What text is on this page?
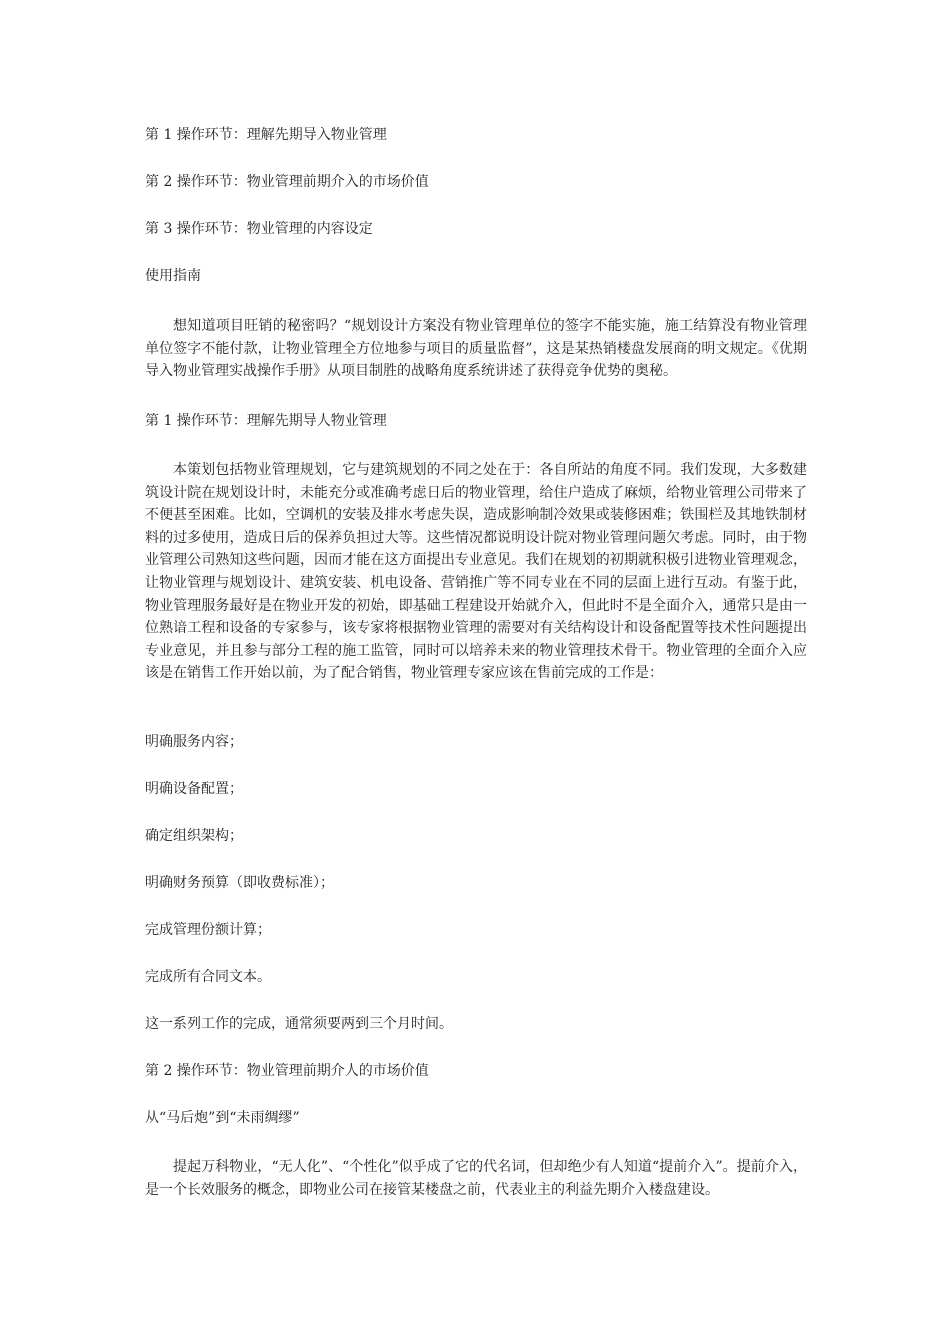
第 1 操作环节：理解先期导入物业管理
第 2 操作环节：物业管理前期介入的市场价值
第 3 操作环节：物业管理的内容设定
使用指南
想知道项目旺销的秘密吗？“规划设计方案没有物业管理单位的签字不能实施，施工结算没有物业管理单位签字不能付款，让物业管理全方位地参与项目的质量监督”，这是某热销楼盘发展商的明文规定。《优期导入物业管理实战操作手册》从项目制胜的战略角度系统讲述了获得竞争优势的奥秘。
第 1 操作环节：理解先期导人物业管理
本策划包括物业管理规划，它与建筑规划的不同之处在于：各自所站的角度不同。我们发现，大多数建筑设计院在规划设计时，未能充分或准确考虑日后的物业管理，给住户造成了麻烦，给物业管理公司带来了不便甚至困难。比如，空调机的安装及排水考虑失误，造成影响制冷效果或装修困难；铁围栏及其地铁制材料的过多使用，造成日后的保养负担过大等。这些情况都说明设计院对物业管理问题欠考虑。同时，由于物业管理公司熟知这些问题，因而才能在这方面提出专业意见。我们在规划的初期就积极引进物业管理观念，让物业管理与规划设计、建筑安装、机电设备、营销推广等不同专业在不同的层面上进行互动。有鉴于此，物业管理服务最好是在物业开发的初始，即基础工程建设开始就介入，但此时不是全面介入，通常只是由一位熟谙工程和设备的专家参与，该专家将根据物业管理的需要对有关结构设计和设备配置等技术性问题提出专业意见，并且参与部分工程的施工监管，同时可以培养未来的物业管理技术骨干。物业管理的全面介入应该是在销售工作开始以前，为了配合销售，物业管理专家应该在售前完成的工作是：
明确服务内容；
明确设备配置；
确定组织架构；
明确财务预算（即收费标准）；
完成管理份额计算；
完成所有合同文本。
这一系列工作的完成，通常须要两到三个月时间。
第 2 操作环节：物业管理前期介人的市场价值
从“马后炮”到“未雨绸缪”
提起万科物业，“无人化”、“个性化”似乎成了它的代名词，但却绝少有人知道“提前介入”。提前介入，是一个长效服务的概念，即物业公司在接管某楼盘之前，代表业主的利益先期介入楼盘建设。
